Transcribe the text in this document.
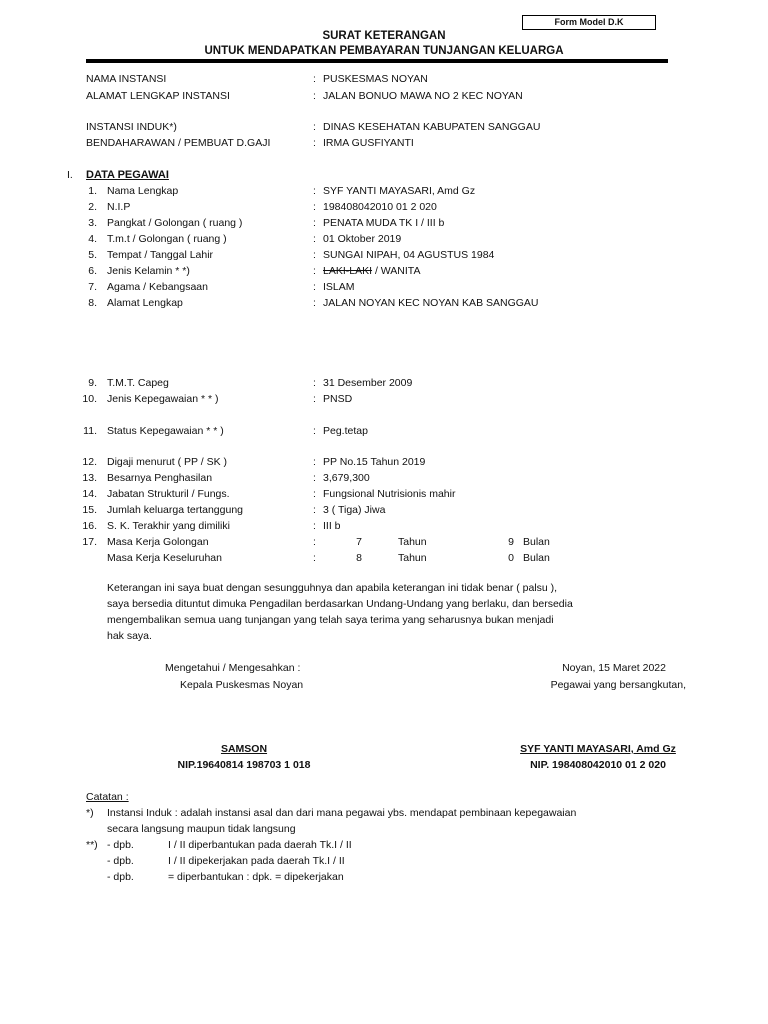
Form Model D.K
SURAT KETERANGAN
UNTUK MENDAPATKAN PEMBAYARAN TUNJANGAN KELUARGA
NAMA INSTANSI	: PUSKESMAS NOYAN
ALAMAT LENGKAP INSTANSI	: JALAN BONUO MAWA NO 2 KEC NOYAN
INSTANSI INDUK*)	: DINAS KESEHATAN KABUPATEN SANGGAU
BENDAHARAWAN / PEMBUAT D.GAJI	: IRMA GUSFIYANTI
I. DATA PEGAWAI
1. Nama Lengkap	: SYF YANTI MAYASARI, Amd Gz
2. N.I.P	: 198408042010 01 2 020
3. Pangkat / Golongan ( ruang )	: PENATA MUDA TK I / III b
4. T.m.t / Golongan ( ruang )	: 01 Oktober 2019
5. Tempat / Tanggal Lahir	: SUNGAI NIPAH, 04 AGUSTUS 1984
6. Jenis Kelamin * *)	: LAKI-LAKI / WANITA
7. Agama / Kebangsaan	: ISLAM
8. Alamat Lengkap	: JALAN NOYAN KEC NOYAN KAB SANGGAU
9. T.M.T. Capeg	: 31 Desember 2009
10. Jenis Kepegawaian * * )	: PNSD
11. Status Kepegawaian * * )	: Peg.tetap
12. Digaji menurut ( PP / SK )	: PP No.15 Tahun 2019
13. Besarnya Penghasilan	: 3,679,300
14. Jabatan Strukturil / Fungs.	: Fungsional Nutrisionis mahir
15. Jumlah keluarga tertanggung	: 3 ( Tiga) Jiwa
16. S. K. Terakhir yang dimiliki	: III b
17. Masa Kerja Golongan	:	7	Tahun	9 Bulan
Masa Kerja Keseluruhan	:	8	Tahun	0 Bulan
Keterangan ini saya buat dengan sesungguhnya dan apabila keterangan ini tidak benar ( palsu ),
saya bersedia dituntut dimuka Pengadilan berdasarkan Undang-Undang yang berlaku, dan bersedia
mengembalikan semua uang tunjangan yang telah saya terima yang seharusnya bukan menjadi
hak saya.
Mengetahui / Mengesahkan :
Kepala Puskesmas Noyan
Noyan, 15 Maret 2022
Pegawai yang bersangkutan,
SAMSON
NIP.19640814 198703 1 018
SYF YANTI MAYASARI, Amd Gz
NIP. 198408042010 01 2 020
Catatan :
*) Instansi Induk : adalah instansi asal dan dari mana pegawai ybs. mendapat pembinaan kepegawaian
secara langsung maupun tidak langsung
**) - dpb.	I / II diperbantukan pada daerah Tk.I / II
- dpb.	I / II dipekerjakan pada daerah Tk.I / II
- dpb.	= diperbantukan : dpk. = dipekerjakan
